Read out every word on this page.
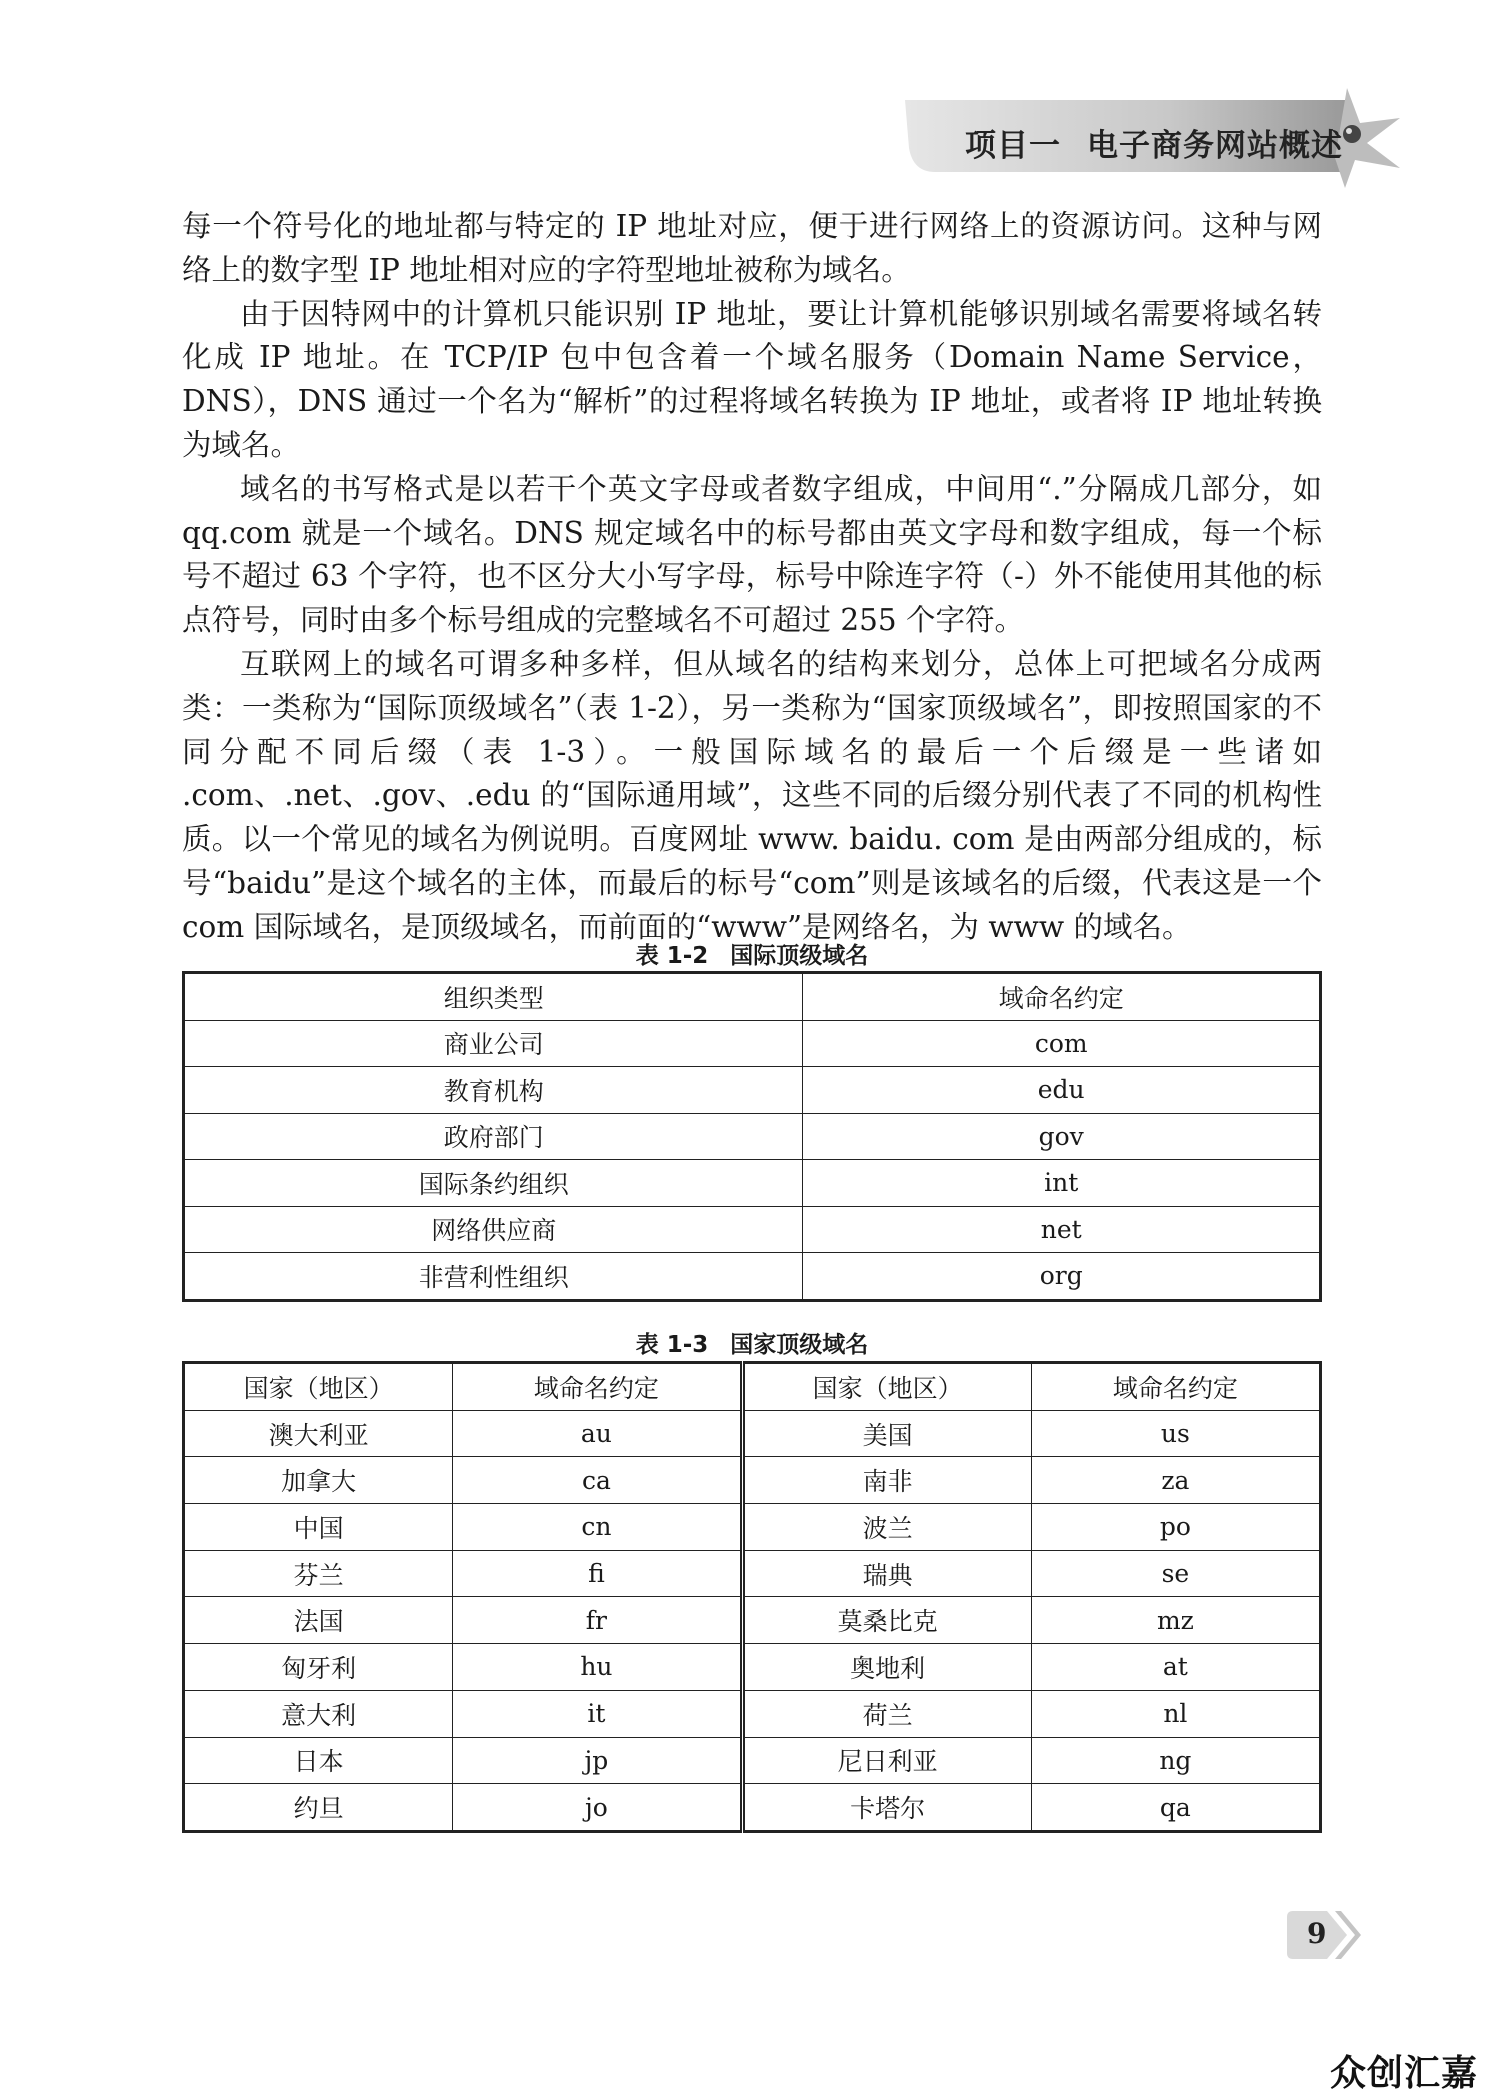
项目一 电子商务网站概述

每一个符号化的地址都与特定的 IP 地址对应，便于进行网络上的资源访问。这种与网络上的数字型 IP 地址相对应的字符型地址被称为域名。

由于因特网中的计算机只能识别 IP 地址，要让计算机能够识别域名需要将域名转化成 IP 地址。在 TCP/IP 包中包含着一个域名服务（Domain Name Service，DNS），DNS 通过一个名为“解析”的过程将域名转换为 IP 地址，或者将 IP 地址转换为域名。

域名的书写格式是以若干个英文字母或者数字组成，中间用“.”分隔成几部分，如 qq.com 就是一个域名。DNS 规定域名中的标号都由英文字母和数字组成，每一个标号不超过 63 个字符，也不区分大小写字母，标号中除连字符（-）外不能使用其他的标点符号，同时由多个标号组成的完整域名不可超过 255 个字符。

互联网上的域名可谓多种多样，但从域名的结构来划分，总体上可把域名分成两类：一类称为“国际顶级域名”（表 1-2），另一类称为“国家顶级域名”，即按照国家的不同分配不同后缀（表 1-3）。一般国际域名的最后一个后缀是一些诸如 .com、.net、.gov、.edu 的“国际通用域”，这些不同的后缀分别代表了不同的机构性质。以一个常见的域名为例说明。百度网址 www. baidu. com 是由两部分组成的，标号“baidu”是这个域名的主体，而最后的标号“com”则是该域名的后缀，代表这是一个 com 国际域名，是顶级域名，而前面的“www”是网络名，为 www 的域名。

表 1-2 国际顶级域名
组织类型	域命名约定
商业公司	com
教育机构	edu
政府部门	gov
国际条约组织	int
网络供应商	net
非营利性组织	org
表 1-3 国家顶级域名
国家（地区）	域命名约定	国家（地区）	域命名约定
澳大利亚	au	美国	us
加拿大	ca	南非	za
中国	cn	波兰	po
芬兰	fi	瑞典	se
法国	fr	莫桑比克	mz
匈牙利	hu	奥地利	at
意大利	it	荷兰	nl
日本	jp	尼日利亚	ng
约旦	jo	卡塔尔	qa
9
众创汇嘉
